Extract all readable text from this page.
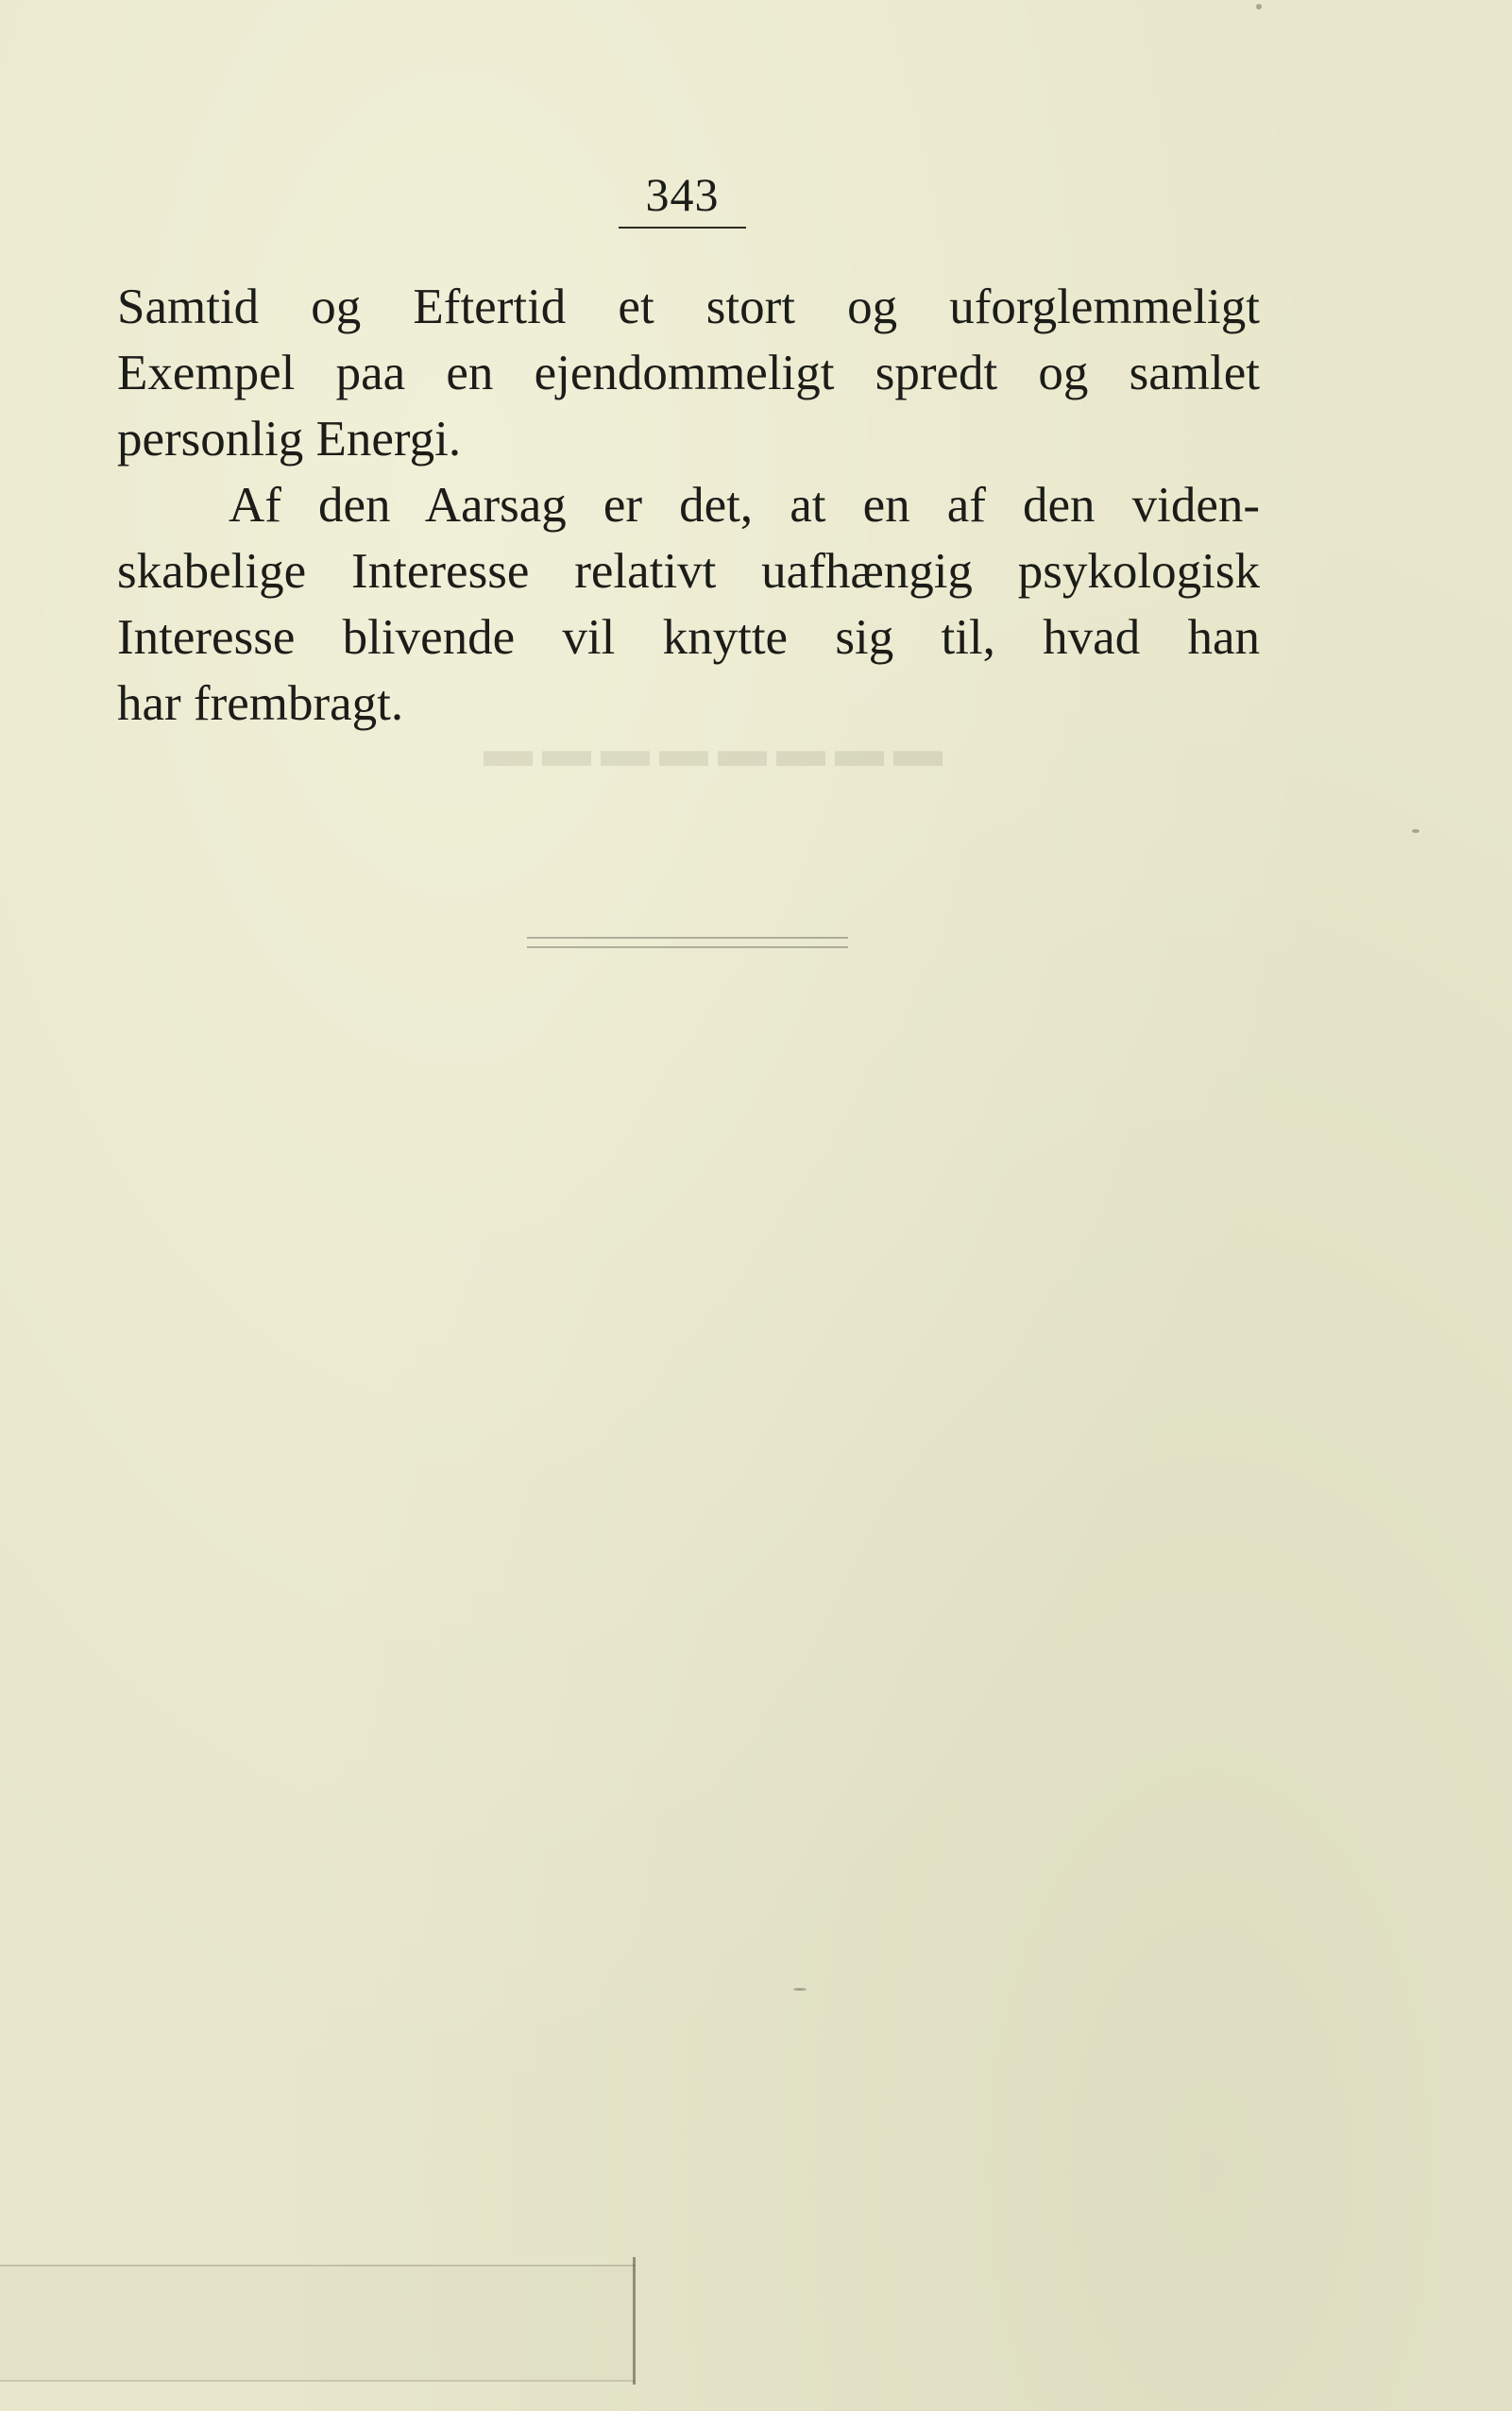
▬▬▬▬▬▬▬▬
343
Samtid og Eftertid et stort og uforglemmeligt
Exempel paa en ejendommeligt spredt og samlet
personlig Energi.
Af den Aarsag er det, at en af den viden-
skabelige Interesse relativt uafhængig psykologisk
Interesse blivende vil knytte sig til, hvad han
har frembragt.
